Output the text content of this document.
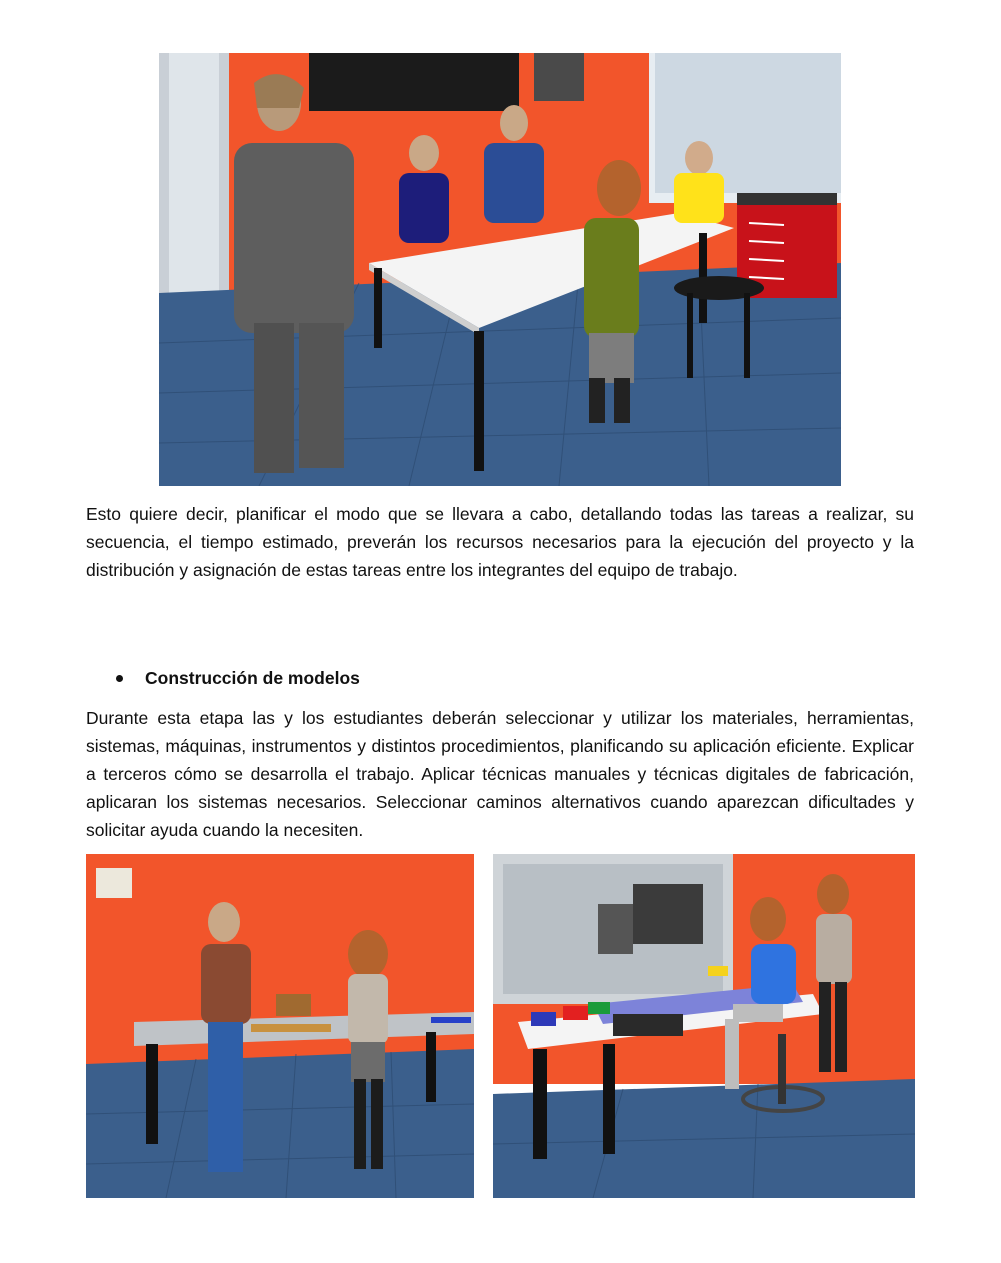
Esto quiere decir, planificar el modo que se llevara a cabo, detallando todas las tareas a realizar, su secuencia, el tiempo estimado, preverán los recursos necesarios para la ejecución del proyecto y la distribución y asignación de estas tareas entre los integrantes del equipo de trabajo.

Construcción de modelos

Durante esta etapa las y los estudiantes deberán seleccionar y utilizar los materiales, herramientas, sistemas, máquinas, instrumentos y distintos procedimientos, planificando su aplicación eficiente. Explicar a terceros cómo se desarrolla el trabajo. Aplicar técnicas manuales y técnicas digitales de fabricación, aplicaran los sistemas necesarios. Seleccionar caminos alternativos cuando aparezcan dificultades y solicitar ayuda cuando la necesiten.
